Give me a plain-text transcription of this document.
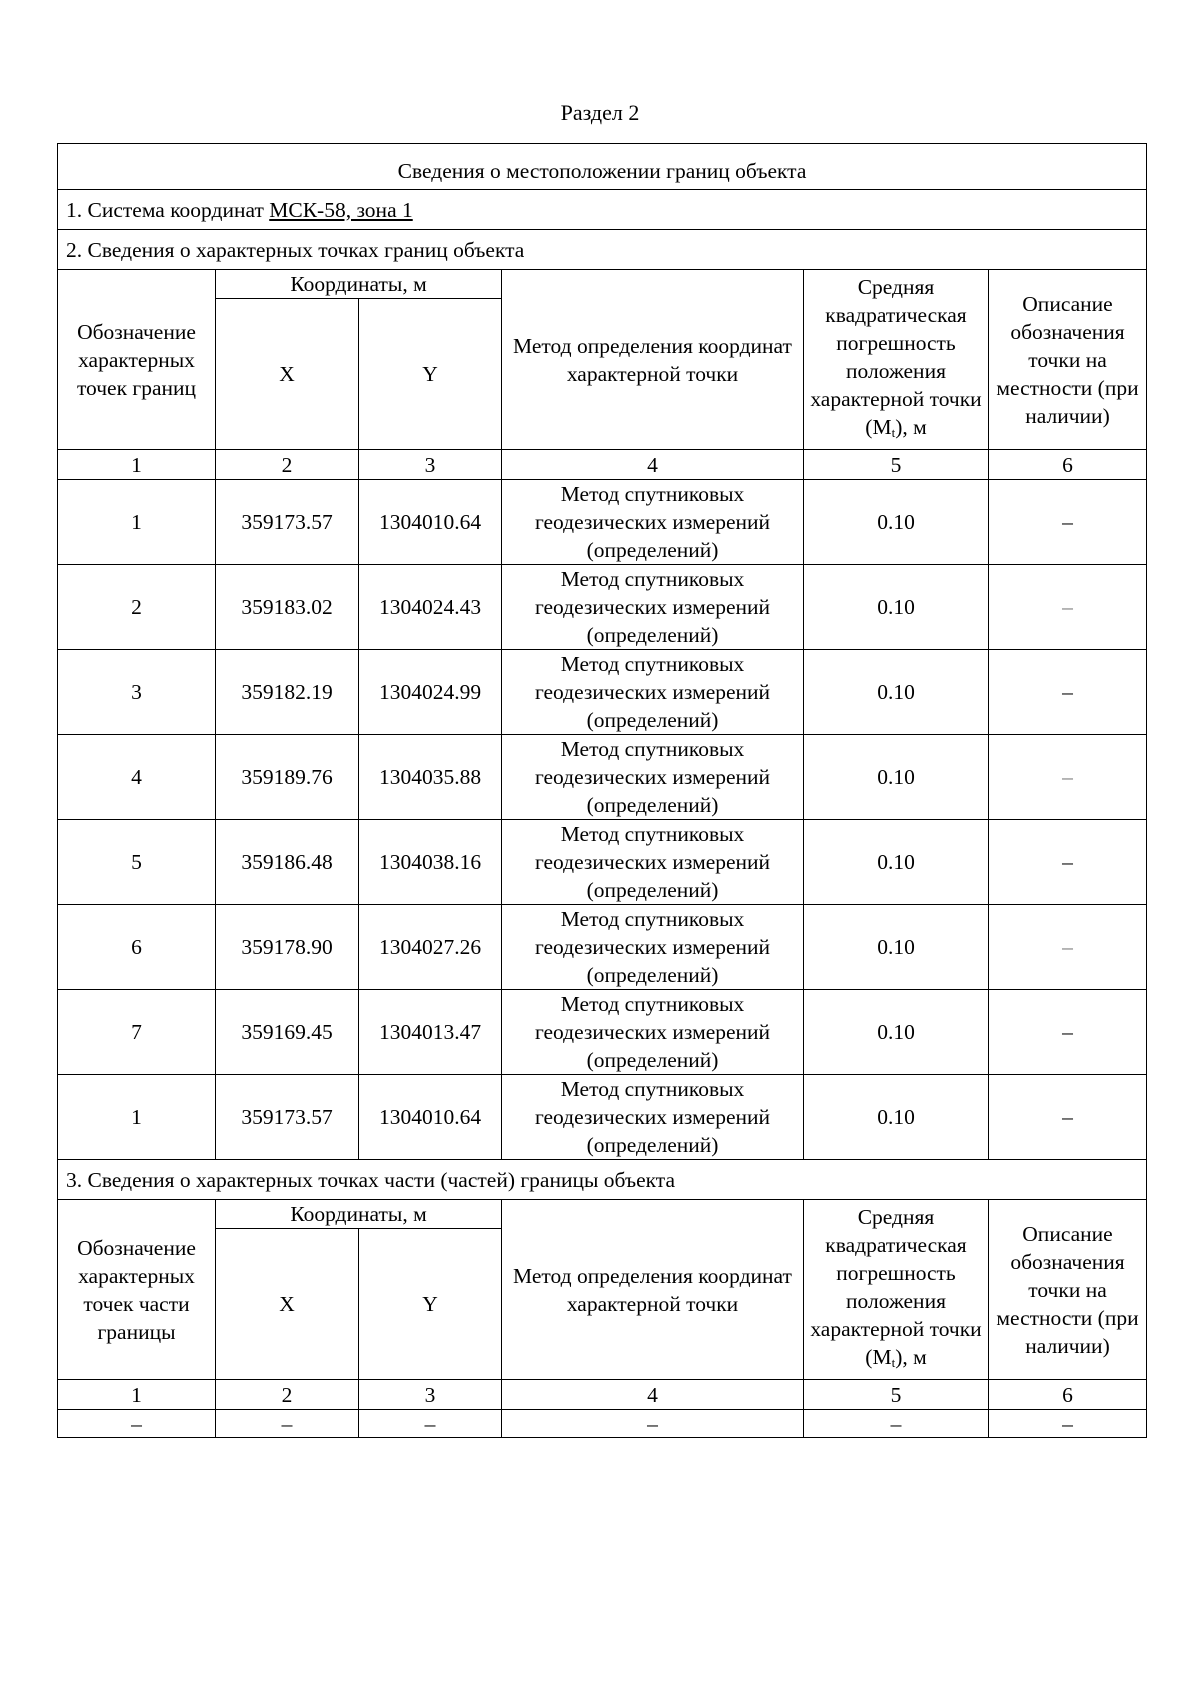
Раздел 2
Сведения о местоположении границ объекта					
1. Система координат МСК-58, зона 1					
2. Сведения о характерных точках границ объекта					
Обозначение характерных точек границ	Координаты, м		Метод определения координат характерной точки	Средняя квадратическая погрешность положения характерной точки $(M_t)$, м	Описание обозначения точки на местности (при наличии)
	X	Y			
1	2	3	4	5	6
1	359173.57	1304010.64	Метод спутниковых геодезических измерений (определений)	0.10	–
2	359183.02	1304024.43	Метод спутниковых геодезических измерений (определений)	0.10	–
3	359182.19	1304024.99	Метод спутниковых геодезических измерений (определений)	0.10	–
4	359189.76	1304035.88	Метод спутниковых геодезических измерений (определений)	0.10	–
5	359186.48	1304038.16	Метод спутниковых геодезических измерений (определений)	0.10	–
6	359178.90	1304027.26	Метод спутниковых геодезических измерений (определений)	0.10	–
7	359169.45	1304013.47	Метод спутниковых геодезических измерений (определений)	0.10	–
1	359173.57	1304010.64	Метод спутниковых геодезических измерений (определений)	0.10	–
3. Сведения о характерных точках части (частей) границы объекта					
Обозначение характерных точек части границы	Координаты, м		Метод определения координат характерной точки	Средняя квадратическая погрешность положения характерной точки $(M_t)$, м	Описание обозначения точки на местности (при наличии)
	X	Y			
1	2	3	4	5	6
–	–	–	–	–	–
